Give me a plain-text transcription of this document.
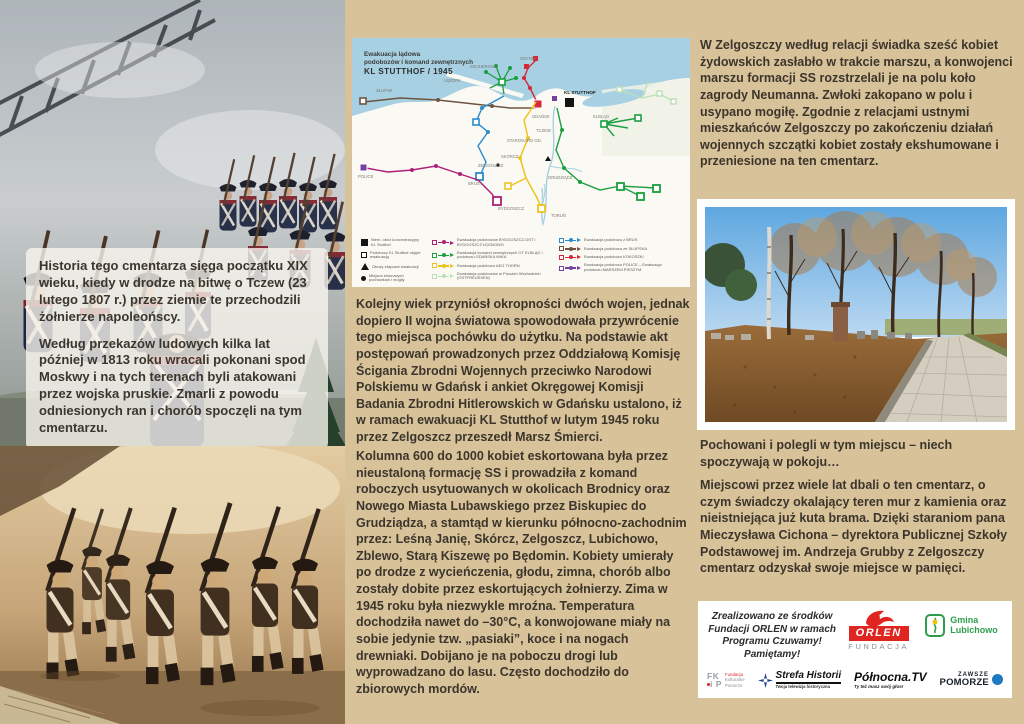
Historia tego cmentarza sięga początku XIX wieku, kiedy w drodze na bitwę o Tczew (23 lutego 1807 r.) przez ziemie te przechodzili żołnierze napoleońscy.

Według przekazów ludowych kilka lat później w 1813 roku wracali pokonani spod Moskwy i na tych terenach byli atakowani przez wojska pruskie. Zmarli z powodu odniesionych ran i chorób spoczęli na tym cmentarzu.

Ewakuacja lądowa
podobozów i komand zewnętrznych
KL STUTTHOF / 1945
GDYNIA
WEJHEROWO
LĘBORK
SŁUPSK
GDAŃSK
KL STUTTHOF
ELBLĄG
TCZEW
STAROGARD GD.
SKÓRCZ
ZELGOSZCZ
GRUDZIĄDZ
BRUSY
BYDGOSZCZ
TORUŃ
POLICE
Niem. obóz koncentracyjny KL Stutthof
Podobozy KL Stutthof objęte ewakuacją
Obozy etapowe ewakuacji
Miejsca zbiorowych pochówków i mogiły
Ewakuacja podobozów BYDGOSZCZ-OST i BYDGOSZCZ ŁĘGNOWO
Ewakuacja komand zewnętrznych OT ELBLĄG i podobozu GDAŃSKA WIKA
Ewakuacja podobozu AEG THORN
Ewakuacja podobozów w Prusach Wschodnich (OSTPREUSSEN)
Ewakuacja podobozu z BRUS
Ewakuacja podobozu ze SŁUPSKA
Ewakuacja podobozu KOKOSZKI
Ewakuacja podobozu POLICE – Ewakuacja podobozu MARSZEM PIESZYM

Kolejny wiek przyniósł okropności dwóch wojen, jednak dopiero II wojna światowa spowodowała przywrócenie tego miejsca pochówku do użytku. Na podstawie akt postępowań prowadzonych przez Oddziałową Komisję Ścigania Zbrodni Wojennych przeciwko Narodowi Polskiemu w Gdańsk i ankiet Okręgowej Komisji Badania Zbrodni Hitlerowskich w Gdańsku ustalono, iż w ramach ewakuacji KL Stutthof w lutym 1945 roku przez Zelgoszcz przeszedł Marsz Śmierci.

Kolumna 600 do 1000 kobiet eskortowana była przez nieustaloną formację SS i prowadziła z komand roboczych usytuowanych w okolicach Brodnicy oraz Nowego Miasta Lubawskiego przez Biskupiec do Grudziądza, a stamtąd w kierunku północno-zachodnim przez: Leśną Janię, Skórcz, Zelgoszcz, Lubichowo, Zblewo, Starą Kiszewę po Będomin. Kobiety umierały po drodze z wycieńczenia, głodu, zimna, chorób albo zostały dobite przez eskortujących żołnierzy. Zima w 1945 roku była niezwykle mroźna. Temperatura dochodziła nawet do –30°C, a konwojowane miały na sobie jedynie tzw. „pasiaki”, koce i na nogach drewniaki. Dobijano je na poboczu drogi lub wyprowadzano do lasu. Często dochodziło do zbiorowych mordów.

W Zelgoszczy według relacji świadka sześć kobiet żydowskich zasłabło w trakcie marszu, a konwojenci marszu formacji SS rozstrzelali je na polu koło zagrody Neumanna. Zwłoki zakopano w polu i usypano mogiłę. Zgodnie z relacjami ustnymi mieszkańców Zelgoszczy po zakończeniu działań wojennych szczątki kobiet zostały ekshumowane i przeniesione na ten cmentarz.

Pochowani i polegli w tym miejscu – niech spoczywają w pokoju…

Miejscowi przez wiele lat dbali o ten cmentarz, o czym świadczy okalający teren mur z kamienia oraz nieistniejąca już kuta brama. Dzięki staraniom pana Mieczysława Cichona – dyrektora Publicznej Szkoły Podstawowej im. Andrzeja Grubby z Zelgoszczy cmentarz odzyskał swoje miejsce w pamięci.

Zrealizowano ze środków
Fundacji ORLEN w ramach
Programu Czuwamy! Pamiętamy!
ORLEN
FUNDACJA
Gmina
Lubichowo
FK
i P
Fundacja
Kulturalne
Pomorze
Strefa Historii
Twoja telewizja historyczna
Północna.TV
Ty też masz swój głos!
ZAWSZE
POMORZE
